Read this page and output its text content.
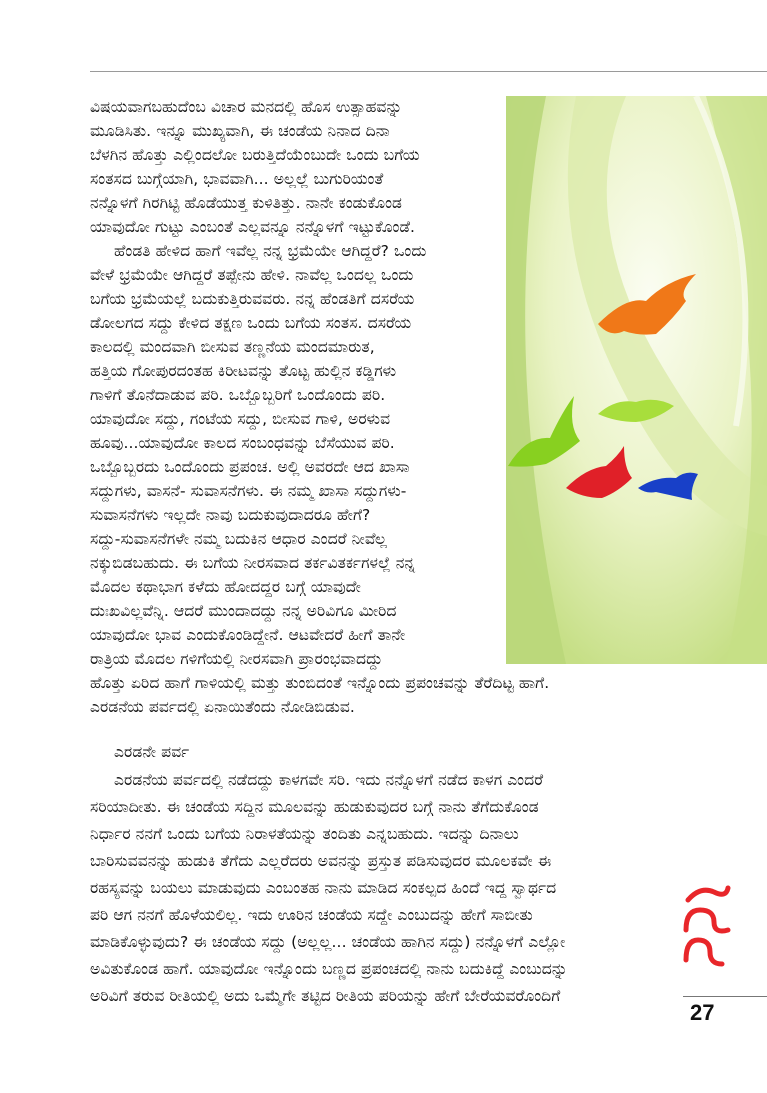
ವಿಷಯವಾಗಬಹುದೆಂಬ ವಿಚಾರ ಮನದಲ್ಲಿ ಹೊಸ ಉತ್ಸಾಹವನ್ನು
ಮೂಡಿಸಿತು. ಇನ್ನೂ ಮುಖ್ಯವಾಗಿ, ಈ ಚಂಡೆಯ ನಿನಾದ ದಿನಾ
ಬೆಳಗಿನ ಹೊತ್ತು ಎಲ್ಲಿಂದಲೋ ಬರುತ್ತಿದೆಯೆಂಬುದೇ ಒಂದು ಬಗೆಯ
ಸಂತಸದ ಬುಗ್ಗೆಯಾಗಿ, ಭಾವವಾಗಿ... ಅಲ್ಲಲ್ಲೆ ಬುಗುರಿಯಂತೆ
ನನ್ನೊಳಗೆ ಗಿರಗಿಟ್ಟಿ ಹೊಡೆಯುತ್ತ ಕುಳಿತಿತ್ತು. ನಾನೇ ಕಂಡುಕೊಂಡ
ಯಾವುದೋ ಗುಟ್ಟು ಎಂಬಂತೆ ಎಲ್ಲವನ್ನೂ ನನ್ನೊಳಗೆ ಇಟ್ಟುಕೊಂಡೆ.
ಹೆಂಡತಿ ಹೇಳಿದ ಹಾಗೆ ಇವೆಲ್ಲ ನನ್ನ ಭ್ರಮೆಯೇ ಆಗಿದ್ದರೆ? ಒಂದು
ವೇಳೆ ಭ್ರಮೆಯೇ ಆಗಿದ್ದರೆ ತಪ್ಪೇನು ಹೇಳಿ. ನಾವೆಲ್ಲ ಒಂದಲ್ಲ ಒಂದು
ಬಗೆಯ ಭ್ರಮೆಯಲ್ಲೆ ಬದುಕುತ್ತಿರುವವರು. ನನ್ನ ಹೆಂಡತಿಗೆ ದಸರೆಯ
ಡೋಲಗದ ಸದ್ದು ಕೇಳಿದ ತಕ್ಷಣ ಒಂದು ಬಗೆಯ ಸಂತಸ. ದಸರೆಯ
ಕಾಲದಲ್ಲಿ ಮಂದವಾಗಿ ಬೀಸುವ ತಣ್ಣನೆಯ ಮಂದಮಾರುತ,
ಹತ್ತಿಯ ಗೋಪುರದಂತಹ ಕಿರೀಟವನ್ನು ತೊಟ್ಟ ಹುಲ್ಲಿನ ಕಡ್ಡಿಗಳು
ಗಾಳಿಗೆ ತೊನೆದಾಡುವ ಪರಿ. ಒಬ್ಬೊಬ್ಬರಿಗೆ ಒಂದೊಂದು ಪರಿ.
ಯಾವುದೋ ಸದ್ದು, ಗಂಟೆಯ ಸದ್ದು, ಬೀಸುವ ಗಾಳಿ, ಅರಳುವ
ಹೂವು...ಯಾವುದೋ ಕಾಲದ ಸಂಬಂಧವನ್ನು ಬೆಸೆಯುವ ಪರಿ.
ಒಬ್ಬೊಬ್ಬರದು ಒಂದೊಂದು ಪ್ರಪಂಚ. ಅಲ್ಲಿ ಅವರದೇ ಆದ ಖಾಸಾ
ಸದ್ದುಗಳು, ವಾಸನೆ- ಸುವಾಸನೆಗಳು. ಈ ನಮ್ಮ ಖಾಸಾ ಸದ್ದುಗಳು-
ಸುವಾಸನೆಗಳು ಇಲ್ಲದೇ ನಾವು ಬದುಕುವುದಾದರೂ ಹೇಗೆ?
ಸದ್ದು-ಸುವಾಸನೆಗಳೇ ನಮ್ಮ ಬದುಕಿನ ಆಧಾರ ಎಂದರೆ ನೀವೆಲ್ಲ
ನಕ್ಕುಬಿಡಬಹುದು. ಈ ಬಗೆಯ ನೀರಸವಾದ ತರ್ಕವಿತರ್ಕಗಳಲ್ಲೆ ನನ್ನ
ಮೊದಲ ಕಥಾಭಾಗ ಕಳೆದು ಹೋದದ್ದರ ಬಗ್ಗೆ ಯಾವುದೇ
ದುಃಖವಿಲ್ಲವೆನ್ನಿ. ಆದರೆ ಮುಂದಾದದ್ದು ನನ್ನ ಅರಿವಿಗೂ ಮೀರಿದ
ಯಾವುದೋ ಭಾವ ಎಂದುಕೊಂಡಿದ್ದೇನೆ. ಆಟವೇದರೆ ಹೀಗೆ ತಾನೇ
ರಾತ್ರಿಯ ಮೊದಲ ಗಳಿಗೆಯಲ್ಲಿ ನೀರಸವಾಗಿ ಪ್ರಾರಂಭವಾದದ್ದು
ಹೊತ್ತು ಏರಿದ ಹಾಗೆ ಗಾಳಿಯಲ್ಲಿ ಮತ್ತು ತುಂಬಿದಂತೆ ಇನ್ನೊಂದು ಪ್ರಪಂಚವನ್ನು ತೆರೆದಿಟ್ಟ ಹಾಗೆ.
ಎರಡನೆಯ ಪರ್ವದಲ್ಲಿ ಏನಾಯಿತೆಂದು ನೋಡಿಬಿಡುವ.
ಎರಡನೇ ಪರ್ವ
ಎರಡನೆಯ ಪರ್ವದಲ್ಲಿ ನಡೆದದ್ದು ಕಾಳಗವೇ ಸರಿ. ಇದು ನನ್ನೊಳಗೆ ನಡೆದ ಕಾಳಗ ಎಂದರೆ
ಸರಿಯಾದೀತು. ಈ ಚಂಡೆಯ ಸದ್ದಿನ ಮೂಲವನ್ನು ಹುಡುಕುವುದರ ಬಗ್ಗೆ ನಾನು ತೆಗೆದುಕೊಂಡ
ನಿರ್ಧಾರ ನನಗೆ ಒಂದು ಬಗೆಯ ನಿರಾಳತೆಯನ್ನು ತಂದಿತು ಎನ್ನಬಹುದು. ಇದನ್ನು ದಿನಾಲು
ಬಾರಿಸುವವನನ್ನು ಹುಡುಕಿ ತೆಗೆದು ಎಲ್ಲರೆದರು ಅವನನ್ನು ಪ್ರಸ್ತುತ ಪಡಿಸುವುದರ ಮೂಲಕವೇ ಈ
ರಹಸ್ಯವನ್ನು ಬಯಲು ಮಾಡುವುದು ಎಂಬಂತಹ ನಾನು ಮಾಡಿದ ಸಂಕಲ್ಪದ ಹಿಂದೆ ಇದ್ದ ಸ್ವಾರ್ಥದ
ಪರಿ ಆಗ ನನಗೆ ಹೊಳೆಯಲಿಲ್ಲ. ಇದು ಊರಿನ ಚಂಡೆಯ ಸದ್ದೇ ಎಂಬುದನ್ನು ಹೇಗೆ ಸಾಬೀತು
ಮಾಡಿಕೊಳ್ಳುವುದು? ಈ ಚಂಡೆಯ ಸದ್ದು (ಅಲ್ಲಲ್ಲ... ಚಂಡೆಯ ಹಾಗಿನ ಸದ್ದು) ನನ್ನೊಳಗೆ ಎಲ್ಲೋ
ಅವಿತುಕೊಂಡ ಹಾಗೆ. ಯಾವುದೋ ಇನ್ನೊಂದು ಬಣ್ಣದ ಪ್ರಪಂಚದಲ್ಲಿ ನಾನು ಬದುಕಿದ್ದೆ ಎಂಬುದನ್ನು
ಅರಿವಿಗೆ ತರುವ ರೀತಿಯಲ್ಲಿ ಅದು ಒಮ್ಮೆಗೇ ತಟ್ಟಿದ ರೀತಿಯ ಪರಿಯನ್ನು ಹೇಗೆ ಬೇರೆಯವರೊಂದಿಗೆ
27
